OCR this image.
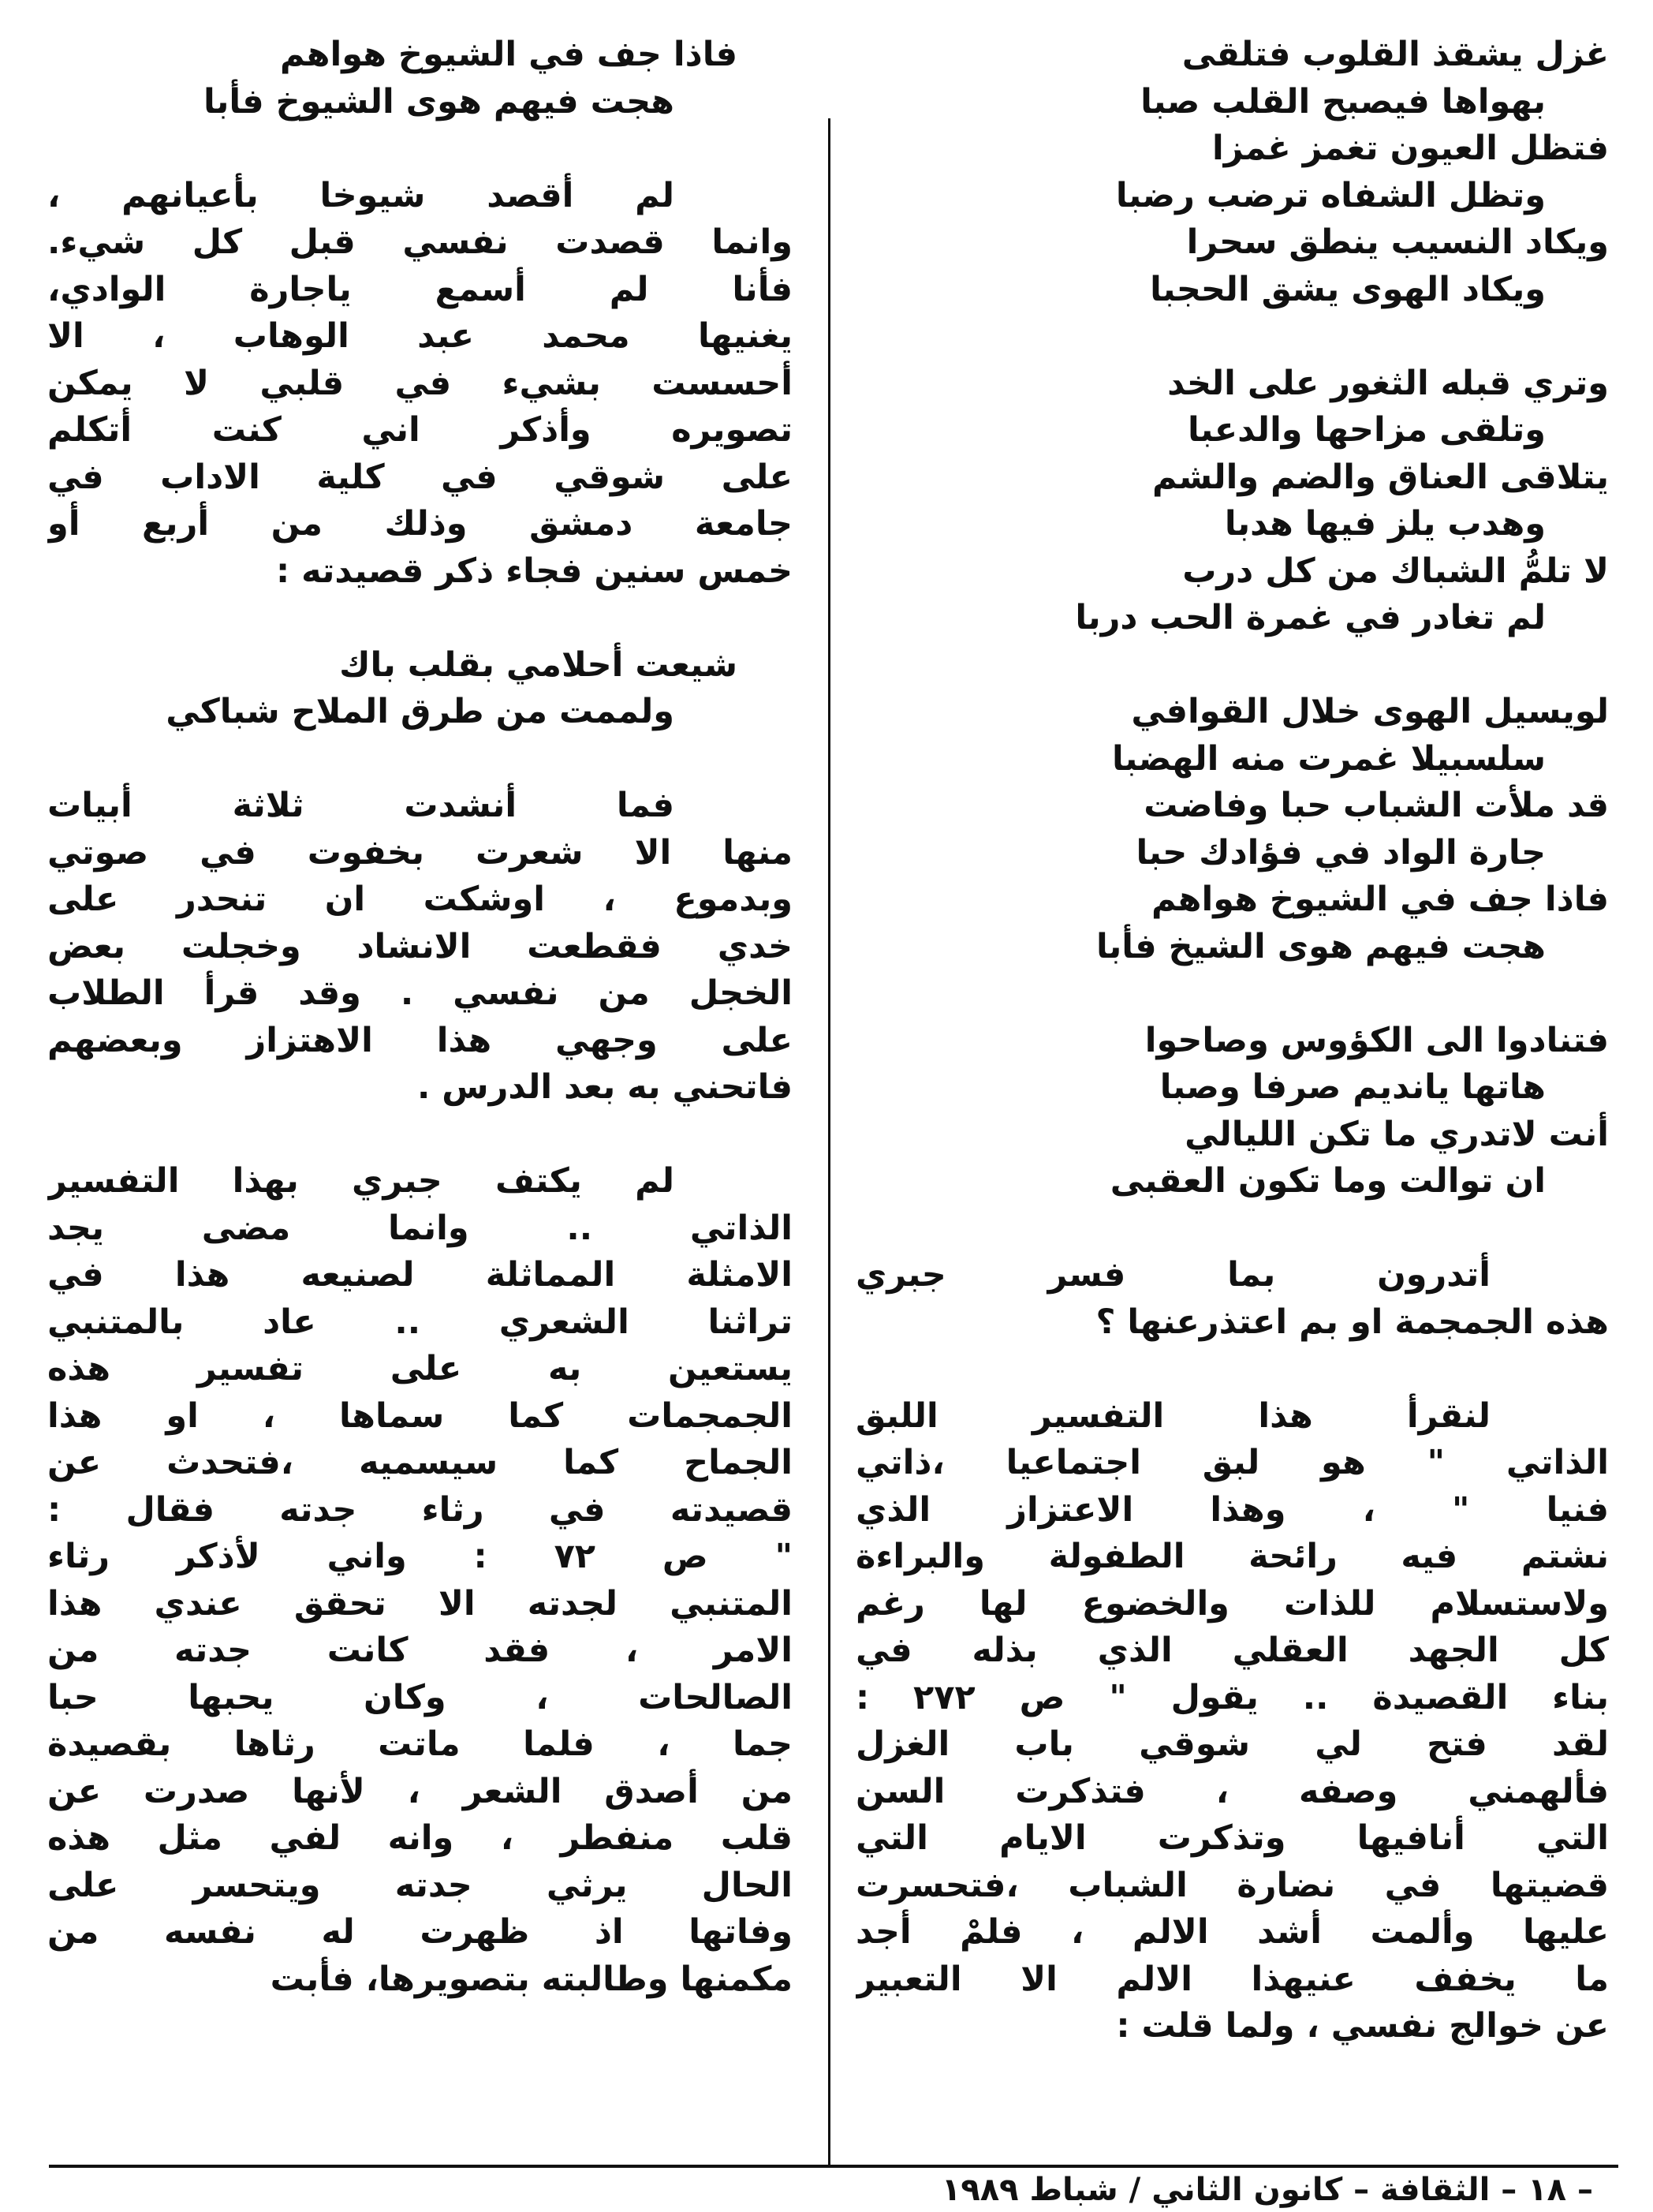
غزل يشقذ القلوب فتلقى
بهواها فيصبح القلب صبا
فتظل العيون تغمز غمزا
وتظل الشفاه ترضب رضبا
ويكاد النسيب ينطق سحرا
ويكاد الهوى يشق الحجبا
وتري قبله الثغور على الخد
وتلقى مزاحها والدعبا
يتلاقى العناق والضم والشم
وهدب يلز فيها هدبا
لا تلمُّ الشباك من كل درب
لم تغادر في غمرة الحب دربا
لويسيل الهوى خلال القوافي
سلسبيلا غمرت منه الهضبا
قد ملأت الشباب حبا وفاضت
جارة الواد في فؤادك حبا
فاذا جف في الشيوخ هواهم
هجت فيهم هوى الشيخ فأبا
فتنادوا الى الكؤوس وصاحوا
هاتها يانديم صرفا وصبا
أنت لاتدري ما تكن الليالي
ان توالت وما تكون العقبى
أتدرون بما فسر جبري
هذه الجمجمة او بم اعتذرعنها ؟
لنقرأ هذا التفسير اللبق
الذاتي " هو لبق اجتماعيا ،ذاتي
فنيا " ، وهذا الاعتزاز الذي
نشتم فيه رائحة الطفولة والبراءة
ولاستسلام للذات والخضوع لها رغم
كل الجهد العقلي الذي بذله في
بناء القصيدة .. يقول " ص ٢٧٢ :
لقد فتح لي شوقي باب الغزل
فألهمني وصفه ، فتذكرت السن
التي أنافيها وتذكرت الايام التي
قضيتها في نضارة الشباب ،فتحسرت
عليها وألمت أشد الالم ، فلمْ أجد
ما يخفف عنيهذا الالم الا التعبير
عن خوالج نفسي ، ولما قلت :
فاذا جف في الشيوخ هواهم
هجت فيهم هوى الشيوخ فأبا
لم أقصد شيوخا بأعيانهم ،
وانما قصدت نفسي قبل كل شيء.
فأنا لم أسمع ياجارة الوادي،
يغنيها محمد عبد الوهاب ، الا
أحسست بشيء في قلبي لا يمكن
تصويره وأذكر اني كنت أتكلم
على شوقي في كلية الاداب في
جامعة دمشق وذلك من أربع أو
خمس سنين فجاء ذكر قصيدته :
شيعت أحلامي بقلب باك
ولممت من طرق الملاح شباكي
فما أنشدت ثلاثة أبيات
منها الا شعرت بخفوت في صوتي
وبدموع ، اوشكت ان تنحدر على
خدي فقطعت الانشاد وخجلت بعض
الخجل من نفسي . وقد قرأ الطلاب
على وجهي هذا الاهتزاز وبعضهم
فاتحني به بعد الدرس .
لم يكتف جبري بهذا التفسير
الذاتي .. وانما مضى يجد
الامثلة المماثلة لصنيعه هذا في
تراثنا الشعري .. عاد بالمتنبي
يستعين به على تفسير هذه
الجمجمات كما سماها ، او هذا
الجماح كما سيسميه ،فتحدث عن
قصيدته في رثاء جدته فقال :
" ص ٧٢ : واني لأذكر رثاء
المتنبي لجدته الا تحقق عندي هذا
الامر ، فقد كانت جدته من
الصالحات ، وكان يحبها حبا
جما ، فلما ماتت رثاها بقصيدة
من أصدق الشعر ، لأنها صدرت عن
قلب منفطر ، وانه لفي مثل هذه
الحال يرثي جدته ويتحسر على
وفاتها اذ ظهرت له نفسه من
مكمنها وطالبته بتصويرها، فأبت
– ١٨ – الثقافة – كانون الثاني / شباط ١٩٨٩
